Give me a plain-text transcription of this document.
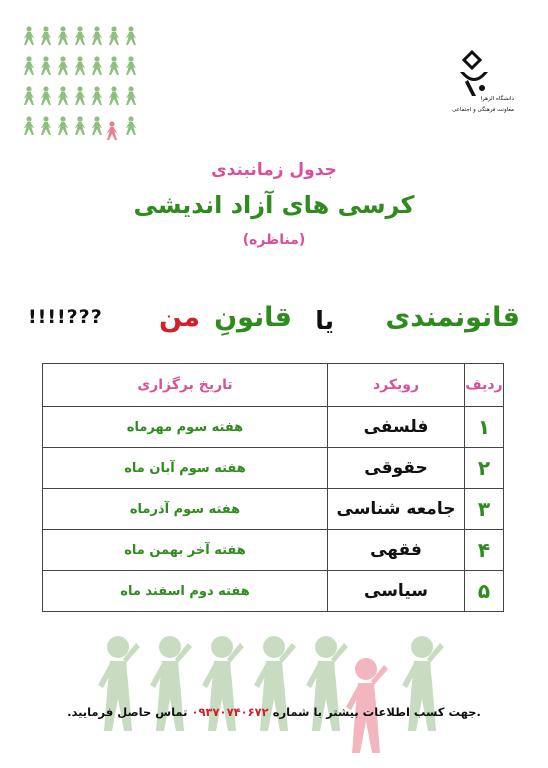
دانشگاه الزهرا
معاونت فرهنگی و اجتماعی
جدول زمانبندی
کرسی های آزاد اندیشی
(مناظره)
قانونمندی
یا
قانونِ
من
???!!!!
ردیف	رویکرد	تاریخ برگزاری
۱	فلسفی	هفته سوم مهرماه
۲	حقوقی	هفته سوم آبان ماه
۳	جامعه شناسی	هفته سوم آذرماه
۴	فقهی	هفته آخر بهمن ماه
۵	سیاسی	هفته دوم اسفند ماه
.جهت کسب اطلاعات بیشتر با شماره ۰۹۳۷۰۷۴۰۶۷۲ تماس حاصل فرمایید.
